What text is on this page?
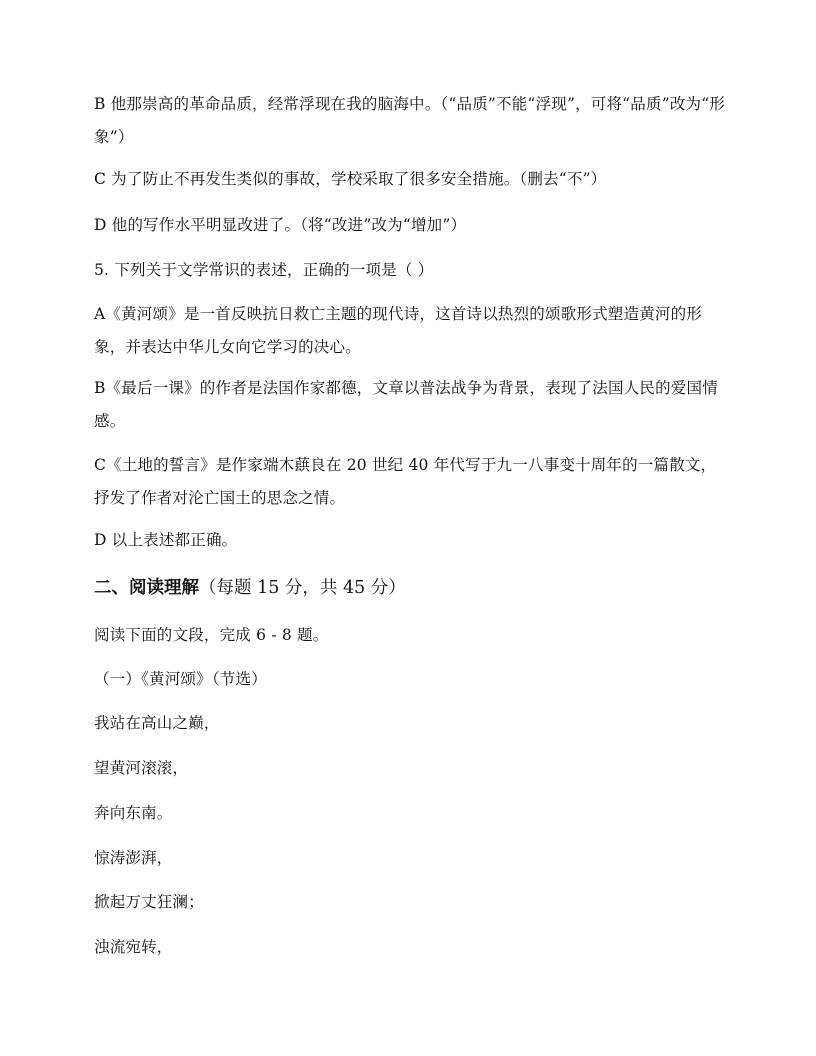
B 他那崇高的革命品质，经常浮现在我的脑海中。（“品质”不能“浮现”，可将“品质”改为“形象”）

C 为了防止不再发生类似的事故，学校采取了很多安全措施。（删去“不”）

D 他的写作水平明显改进了。（将“改进”改为“增加”）

5. 下列关于文学常识的表述，正确的一项是（ ）

A《黄河颂》是一首反映抗日救亡主题的现代诗，这首诗以热烈的颂歌形式塑造黄河的形象，并表达中华儿女向它学习的决心。

B《最后一课》的作者是法国作家都德，文章以普法战争为背景，表现了法国人民的爱国情感。

C《土地的誓言》是作家端木蕻良在 20 世纪 40 年代写于九一八事变十周年的一篇散文，抒发了作者对沦亡国土的思念之情。

D 以上表述都正确。

二、阅读理解（每题 15 分，共 45 分）

阅读下面的文段，完成 6 - 8 题。

（一）《黄河颂》（节选）

我站在高山之巅，

望黄河滚滚，

奔向东南。

惊涛澎湃，

掀起万丈狂澜；

浊流宛转，
